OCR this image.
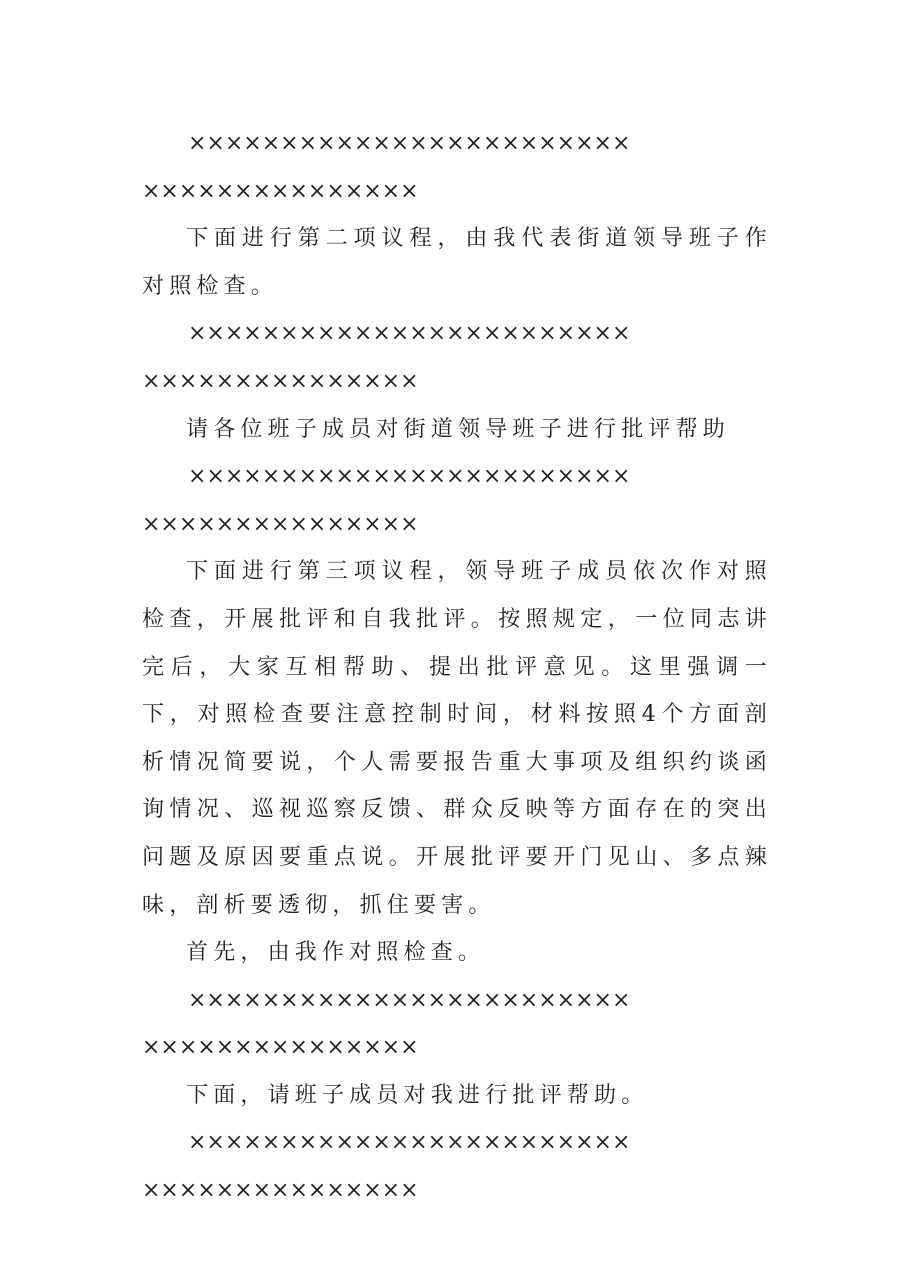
××××××××××××××××××××××××

×××××××××××××××

下面进行第二项议程，由我代表街道领导班子作对照检查。

××××××××××××××××××××××××

×××××××××××××××

请各位班子成员对街道领导班子进行批评帮助

××××××××××××××××××××××××

×××××××××××××××

下面进行第三项议程，领导班子成员依次作对照检查，开展批评和自我批评。按照规定，一位同志讲完后，大家互相帮助、提出批评意见。这里强调一下，对照检查要注意控制时间，材料按照4个方面剖析情况简要说，个人需要报告重大事项及组织约谈函询情况、巡视巡察反馈、群众反映等方面存在的突出问题及原因要重点说。开展批评要开门见山、多点辣味，剖析要透彻，抓住要害。

首先，由我作对照检查。

××××××××××××××××××××××××

×××××××××××××××

下面，请班子成员对我进行批评帮助。

××××××××××××××××××××××××

×××××××××××××××
